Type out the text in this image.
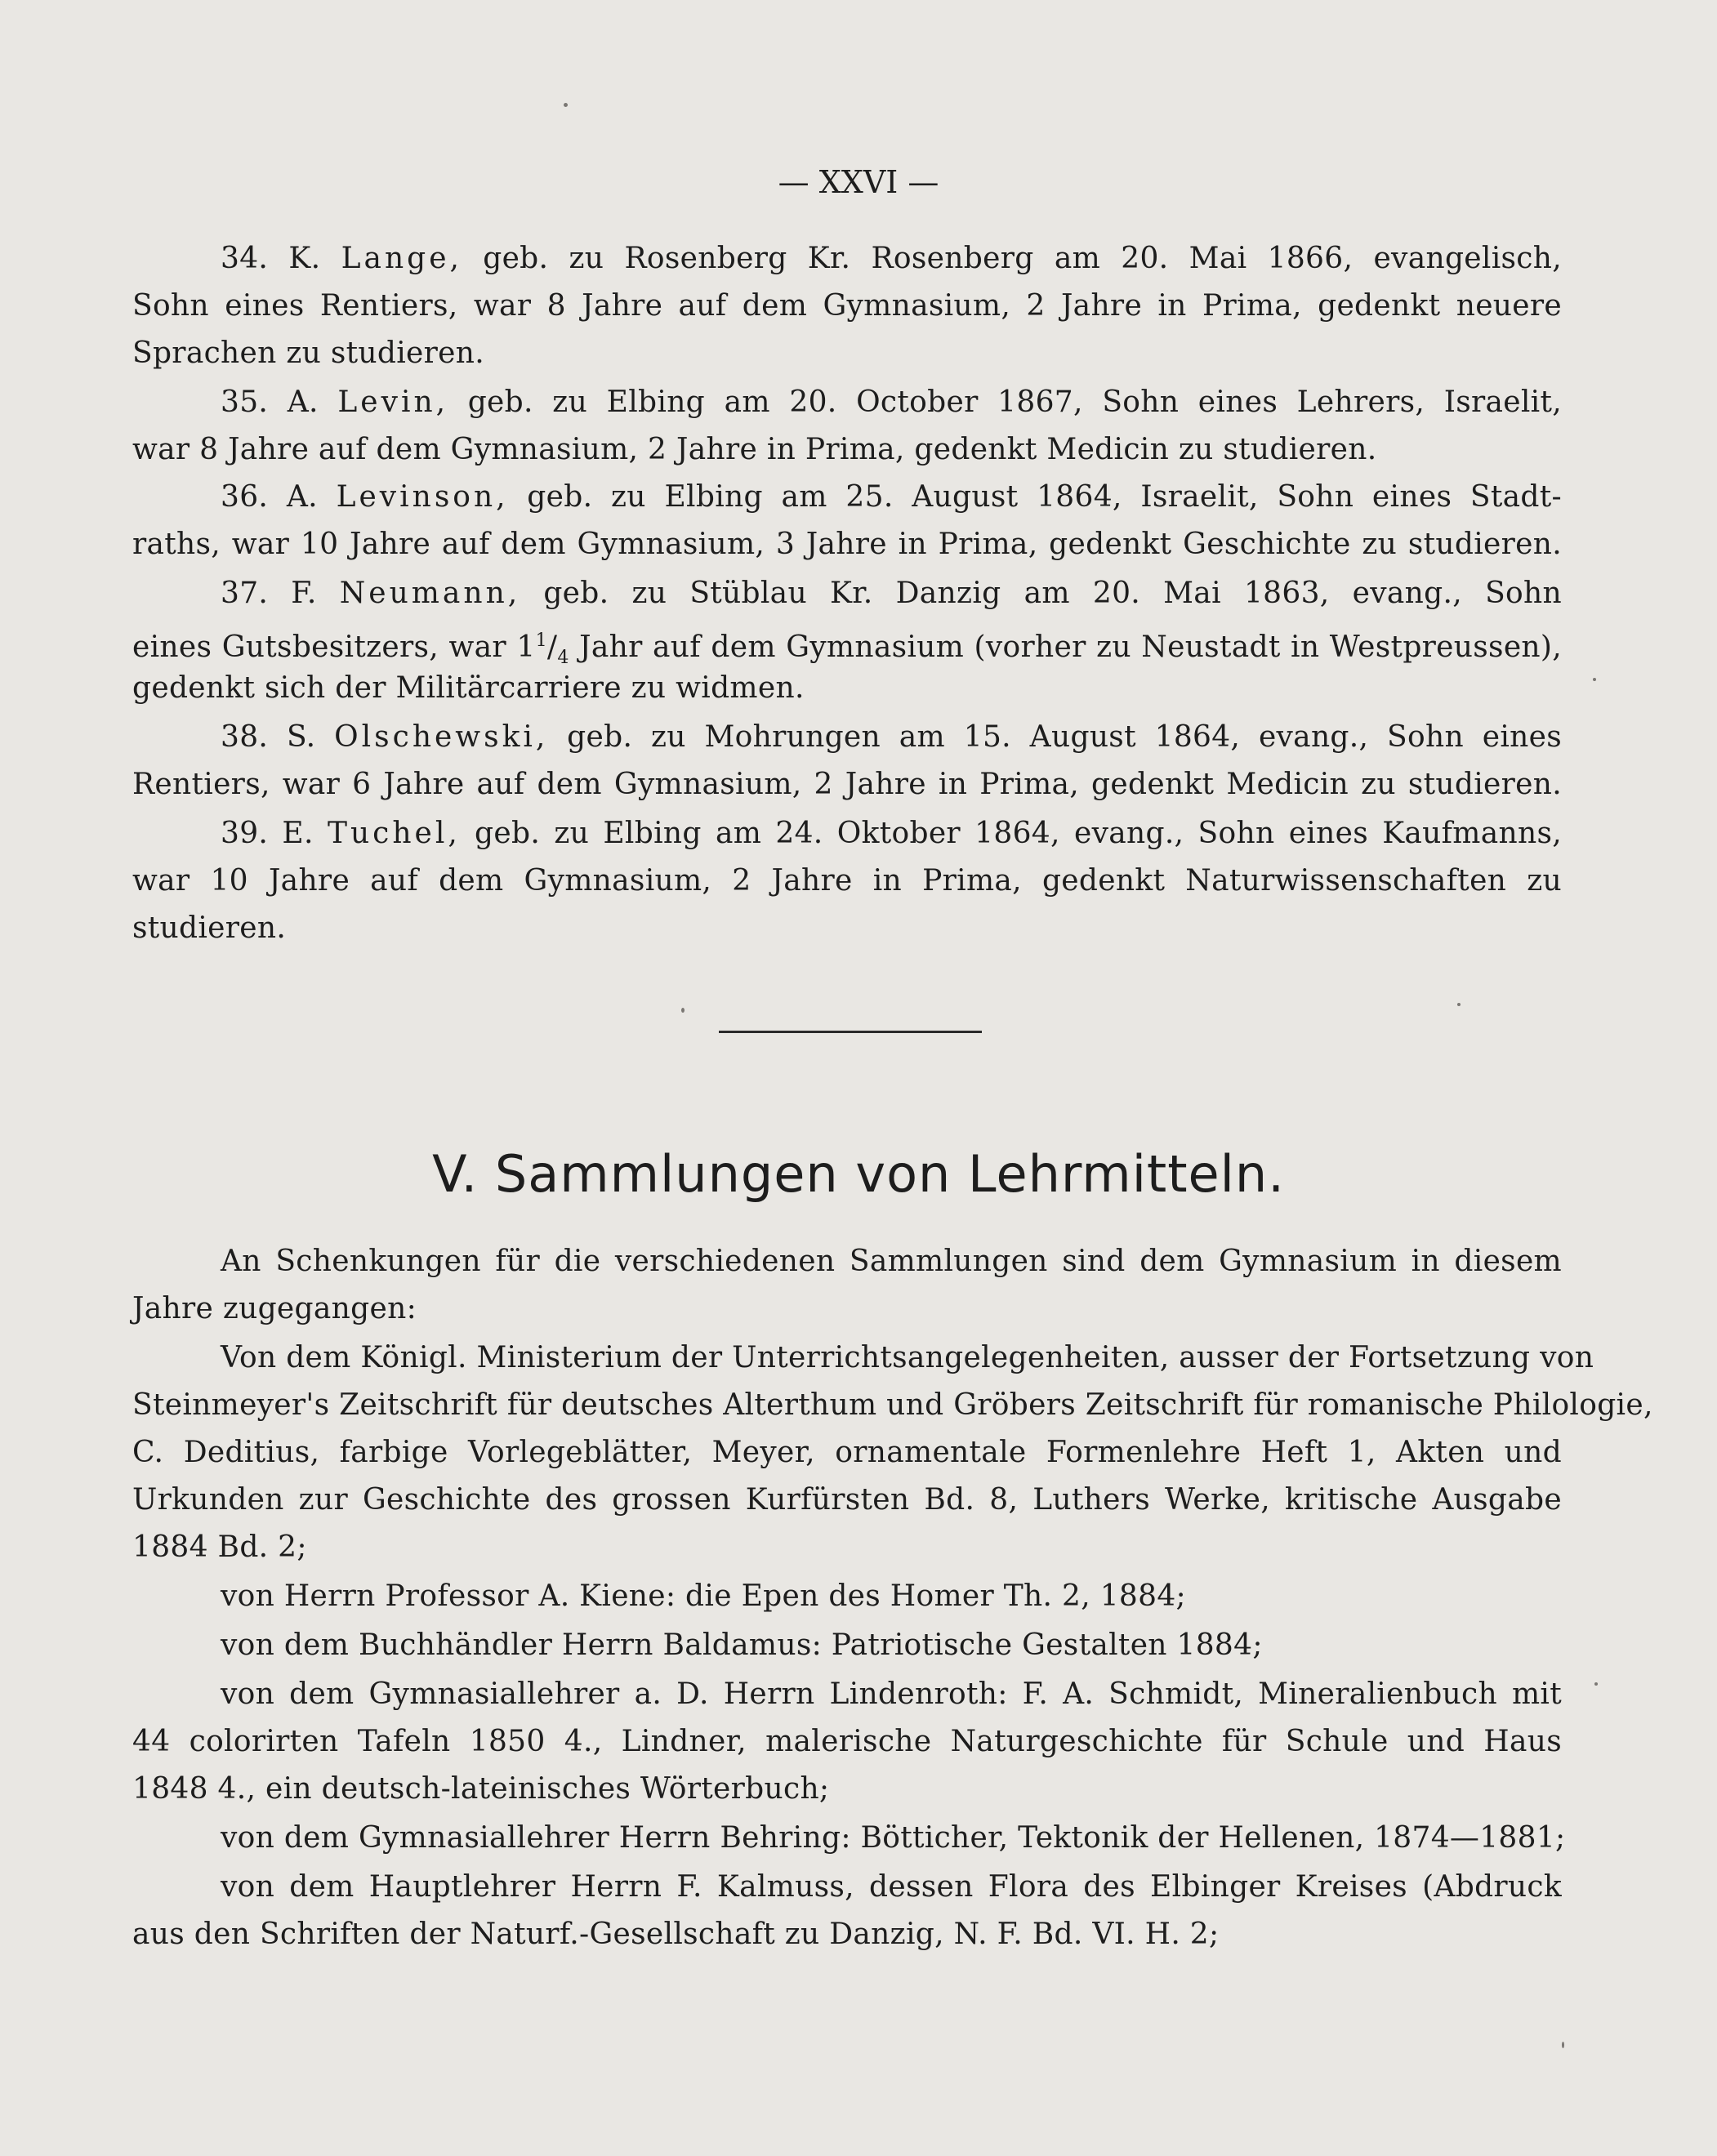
— XXVI —
34. K. Lange, geb. zu Rosenberg Kr. Rosenberg am 20. Mai 1866, evangelisch,
Sohn eines Rentiers, war 8 Jahre auf dem Gymnasium, 2 Jahre in Prima, gedenkt neuere
Sprachen zu studieren.
35. A. Levin, geb. zu Elbing am 20. October 1867, Sohn eines Lehrers, Israelit,
war 8 Jahre auf dem Gymnasium, 2 Jahre in Prima, gedenkt Medicin zu studieren.
36. A. Levinson, geb. zu Elbing am 25. August 1864, Israelit, Sohn eines Stadt-
raths, war 10 Jahre auf dem Gymnasium, 3 Jahre in Prima, gedenkt Geschichte zu studieren.
37. F. Neumann, geb. zu Stüblau Kr. Danzig am 20. Mai 1863, evang., Sohn
eines Gutsbesitzers, war $1^1/_4$ Jahr auf dem Gymnasium (vorher zu Neustadt in Westpreussen),
gedenkt sich der Militärcarriere zu widmen.
38. S. Olschewski, geb. zu Mohrungen am 15. August 1864, evang., Sohn eines
Rentiers, war 6 Jahre auf dem Gymnasium, 2 Jahre in Prima, gedenkt Medicin zu studieren.
39. E. Tuchel, geb. zu Elbing am 24. Oktober 1864, evang., Sohn eines Kaufmanns,
war 10 Jahre auf dem Gymnasium, 2 Jahre in Prima, gedenkt Naturwissenschaften zu
studieren.
V. Sammlungen von Lehrmitteln.
An Schenkungen für die verschiedenen Sammlungen sind dem Gymnasium in diesem
Jahre zugegangen:
Von dem Königl. Ministerium der Unterrichtsangelegenheiten, ausser der Fortsetzung von
Steinmeyer's Zeitschrift für deutsches Alterthum und Gröbers Zeitschrift für romanische Philologie,
C. Deditius, farbige Vorlegeblätter, Meyer, ornamentale Formenlehre Heft 1, Akten und
Urkunden zur Geschichte des grossen Kurfürsten Bd. 8, Luthers Werke, kritische Ausgabe
1884 Bd. 2;
von Herrn Professor A. Kiene: die Epen des Homer Th. 2, 1884;
von dem Buchhändler Herrn Baldamus: Patriotische Gestalten 1884;
von dem Gymnasiallehrer a. D. Herrn Lindenroth: F. A. Schmidt, Mineralienbuch mit
44 colorirten Tafeln 1850 4., Lindner, malerische Naturgeschichte für Schule und Haus
1848 4., ein deutsch-lateinisches Wörterbuch;
von dem Gymnasiallehrer Herrn Behring: Bötticher, Tektonik der Hellenen, 1874—1881;
von dem Hauptlehrer Herrn F. Kalmuss, dessen Flora des Elbinger Kreises (Abdruck
aus den Schriften der Naturf.-Gesellschaft zu Danzig, N. F. Bd. VI. H. 2;
